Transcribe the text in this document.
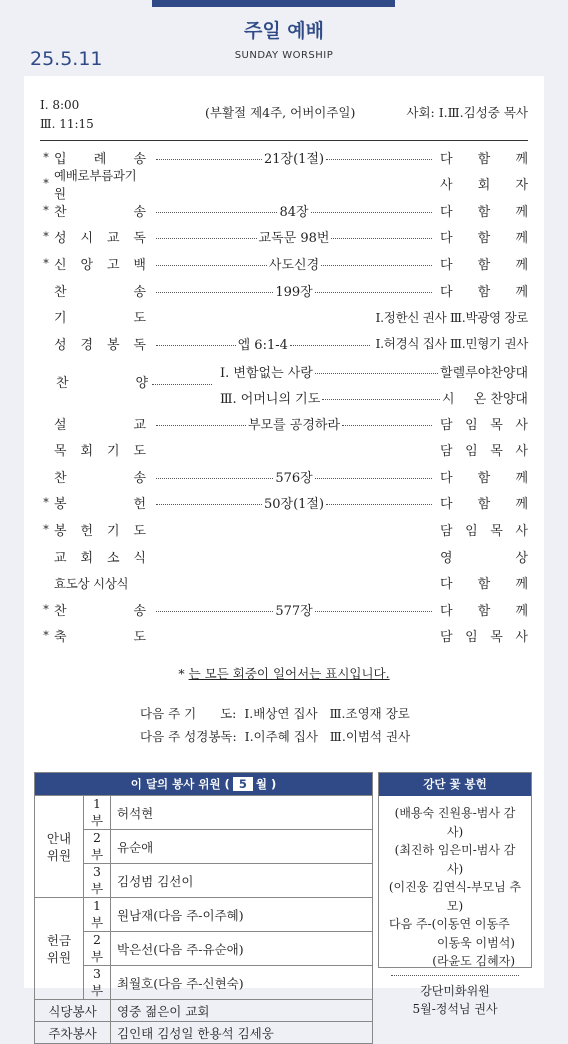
주일 예배
SUNDAY WORSHIP
25.5.11
Ⅰ. 8:00
Ⅲ. 11:15
(부활절 제4주, 어버이주일)	사회: Ⅰ.Ⅲ.김성중 목사
* 입 례 송	21장(1절)	다 함 께
*
예배로부름과기원	사 회 자
* 찬	송	84장	다 함 께
* 성 시 교 독	교독문 98번	다 함 께
* 신 앙 고 백	사도신경	다 함 께
찬	송	199장	다 함 께
기	도	Ⅰ.정한신 권사 Ⅲ.박광영 장로
성 경 봉 독	엡 6:1-4	Ⅰ.허경식 집사 Ⅲ.민형기 권사
찬	양
Ⅰ. 변함없는 사랑	할렐루야찬양대
Ⅲ. 어머니의 기도	시 온 찬양대
설	교	부모를 공경하라	담 임 목 사
목 회 기 도	담 임 목 사
찬	송	576장	다 함 께
* 봉	헌	50장(1절)	다 함 께
* 봉 헌 기 도	담 임 목 사
교 회 소 식	영	상
효도상 시상식	다 함 께
* 찬	송	577장	다 함 께
* 축	도	담 임 목 사
* 는 모든 회중이 일어서는 표시입니다.
다음 주 기      도:  Ⅰ.배상연 집사   Ⅲ.조영재 장로
다음 주 성경봉독:  Ⅰ.이주혜 집사   Ⅲ.이범석 권사
이 달의 봉사 위원 ( 5 월 )		
안내
위원	1부	허석현
	2부	유순애
	3부	김성범 김선이
헌금
위원	1부	원남재(다음 주-이주혜)
	2부	박은선(다음 주-유순애)
	3부	최월호(다음 주-신현숙)
식당봉사		영중 젊은이 교회
주차봉사		김인태 김성일 한용석 김세웅
강단 꽃 봉헌
(배용숙 진원용-범사 감사)
(최진하 임은미-범사 감사)
(이진웅 김연식-부모님 추모)
다음 주-(이동연 이동주
이동욱 이범석)
(라윤도 김혜자)
강단미화위원
5월-정석님 권사
